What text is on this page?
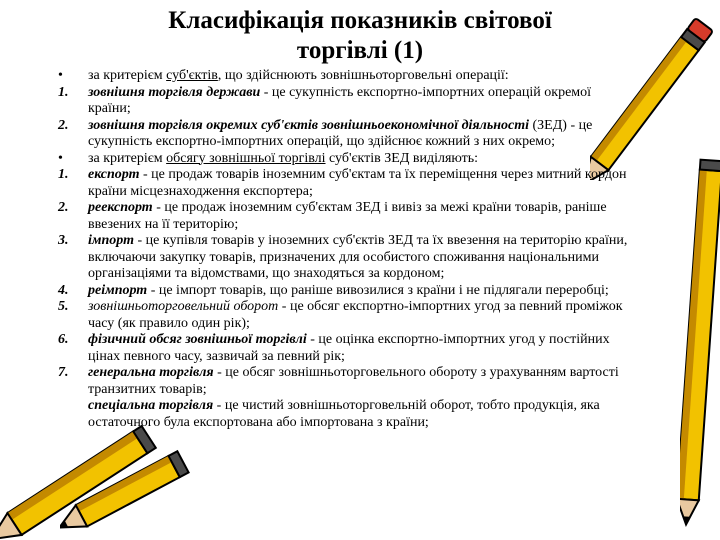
Класифікація показників світової
торгівлі (1)
•	за критерієм суб'єктів, що здійснюють зовнішньоторговельні операції:
1.	зовнішня торгівля держави - це сукупність експортно-імпортних операцій окремої країни;
2.	зовнішня торгівля окремих суб'єктів зовнішньоекономічної діяльності (ЗЕД) - це сукупність експортно-імпортних операцій, що здійснює кожний з них окремо;
•	за критерієм обсягу зовнішньої торгівлі суб'єктів ЗЕД виділяють:
1.	експорт - це продаж товарів іноземним суб'єктам та їх переміщення через митний кордон країни місцезнаходження експортера;
2.	реекспорт - це продаж іноземним суб'єктам ЗЕД і вивіз за межі країни товарів, раніше ввезених на її територію;
3.	імпорт - це купівля товарів у іноземних суб'єктів ЗЕД та їх ввезення на територію країни, включаючи закупку товарів, призначених для особистого споживання національними організаціями та відомствами, що знаходяться за кордоном;
4.	реімпорт - це імпорт товарів, що раніше вивозилися з країни і не підлягали переробці;
5.	зовнішньоторговельний оборот - це обсяг експортно-імпортних угод за певний проміжок часу (як правило один рік);
6.	фізичний обсяг зовнішньої торгівлі - це оцінка експортно-імпортних угод у постійних цінах певного часу, зазвичай за певний рік;
7.	генеральна торгівля - це обсяг зовнішньоторговельного обороту з урахуванням вартості транзитних товарів;
спеціальна торгівля - це чистий зовнішньоторговельній оборот, тобто продукція, яка остаточного була експортована або імпортована з країни;
